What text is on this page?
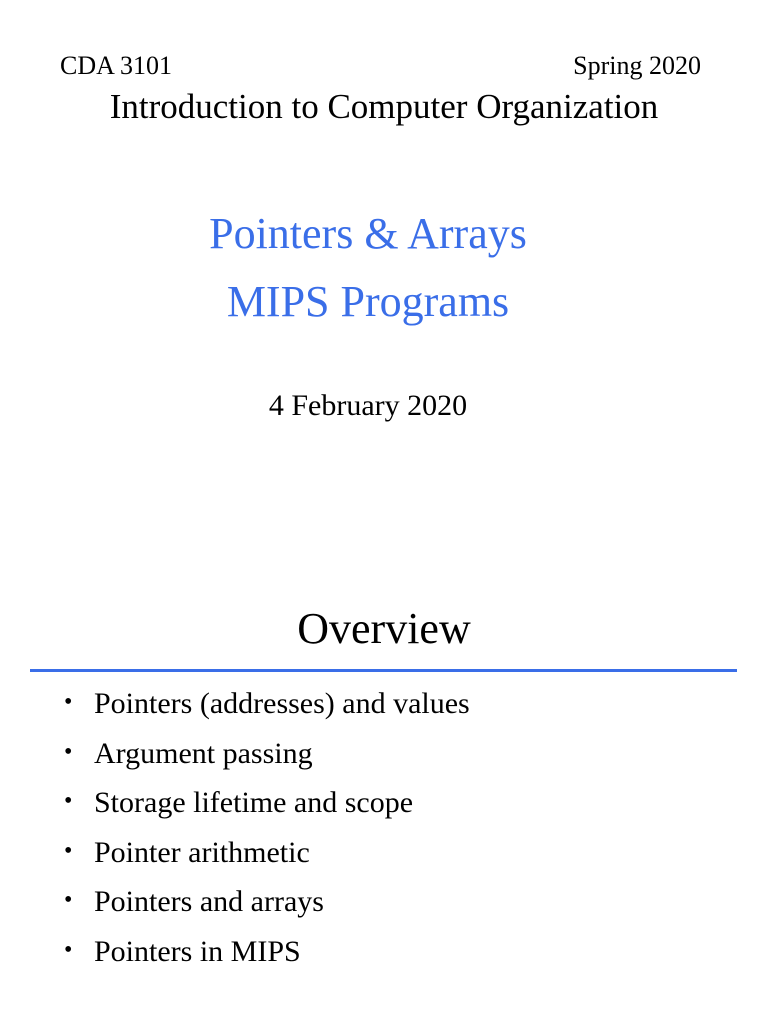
CDA 3101	Spring 2020
Introduction to Computer Organization
Pointers & Arrays
MIPS Programs
4 February 2020
Overview
• Pointers (addresses) and values
• Argument passing
• Storage lifetime and scope
• Pointer arithmetic
• Pointers and arrays
• Pointers in MIPS
